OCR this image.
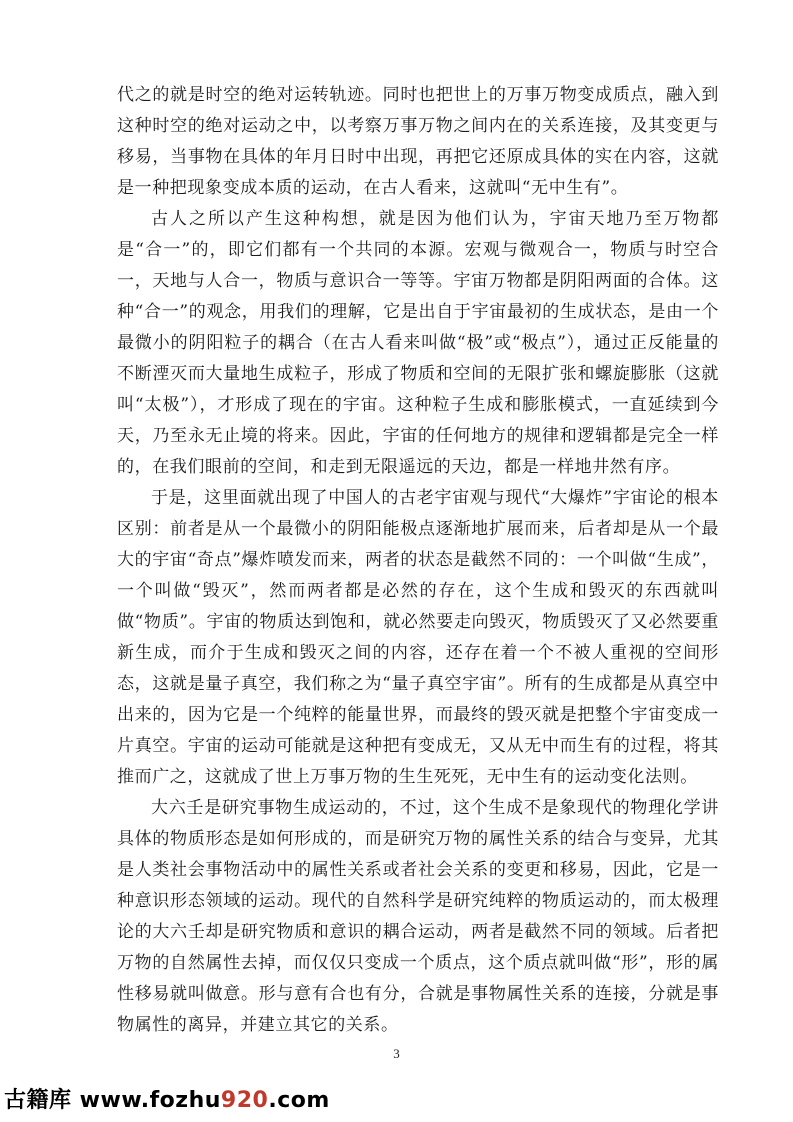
代之的就是时空的绝对运转轨迹。同时也把世上的万事万物变成质点，融入到这种时空的绝对运动之中，以考察万事万物之间内在的关系连接，及其变更与移易，当事物在具体的年月日时中出现，再把它还原成具体的实在内容，这就是一种把现象变成本质的运动，在古人看来，这就叫“无中生有”。

古人之所以产生这种构想，就是因为他们认为，宇宙天地乃至万物都是“合一”的，即它们都有一个共同的本源。宏观与微观合一，物质与时空合一，天地与人合一，物质与意识合一等等。宇宙万物都是阴阳两面的合体。这种“合一”的观念，用我们的理解，它是出自于宇宙最初的生成状态，是由一个最微小的阴阳粒子的耦合（在古人看来叫做“极”或“极点”），通过正反能量的不断湮灭而大量地生成粒子，形成了物质和空间的无限扩张和螺旋膨胀（这就叫“太极”），才形成了现在的宇宙。这种粒子生成和膨胀模式，一直延续到今天，乃至永无止境的将来。因此，宇宙的任何地方的规律和逻辑都是完全一样的，在我们眼前的空间，和走到无限遥远的天边，都是一样地井然有序。

于是，这里面就出现了中国人的古老宇宙观与现代“大爆炸”宇宙论的根本区别：前者是从一个最微小的阴阳能极点逐渐地扩展而来，后者却是从一个最大的宇宙“奇点”爆炸喷发而来，两者的状态是截然不同的：一个叫做“生成”，一个叫做“毁灭”，然而两者都是必然的存在，这个生成和毁灭的东西就叫做“物质”。宇宙的物质达到饱和，就必然要走向毁灭，物质毁灭了又必然要重新生成，而介于生成和毁灭之间的内容，还存在着一个不被人重视的空间形态，这就是量子真空，我们称之为“量子真空宇宙”。所有的生成都是从真空中出来的，因为它是一个纯粹的能量世界，而最终的毁灭就是把整个宇宙变成一片真空。宇宙的运动可能就是这种把有变成无，又从无中而生有的过程，将其推而广之，这就成了世上万事万物的生生死死，无中生有的运动变化法则。

大六壬是研究事物生成运动的，不过，这个生成不是象现代的物理化学讲具体的物质形态是如何形成的，而是研究万物的属性关系的结合与变异，尤其是人类社会事物活动中的属性关系或者社会关系的变更和移易，因此，它是一种意识形态领域的运动。现代的自然科学是研究纯粹的物质运动的，而太极理论的大六壬却是研究物质和意识的耦合运动，两者是截然不同的领域。后者把万物的自然属性去掉，而仅仅只变成一个质点，这个质点就叫做“形”，形的属性移易就叫做意。形与意有合也有分，合就是事物属性关系的连接，分就是事物属性的离异，并建立其它的关系。

3
古籍库 www.fozhu920.com
